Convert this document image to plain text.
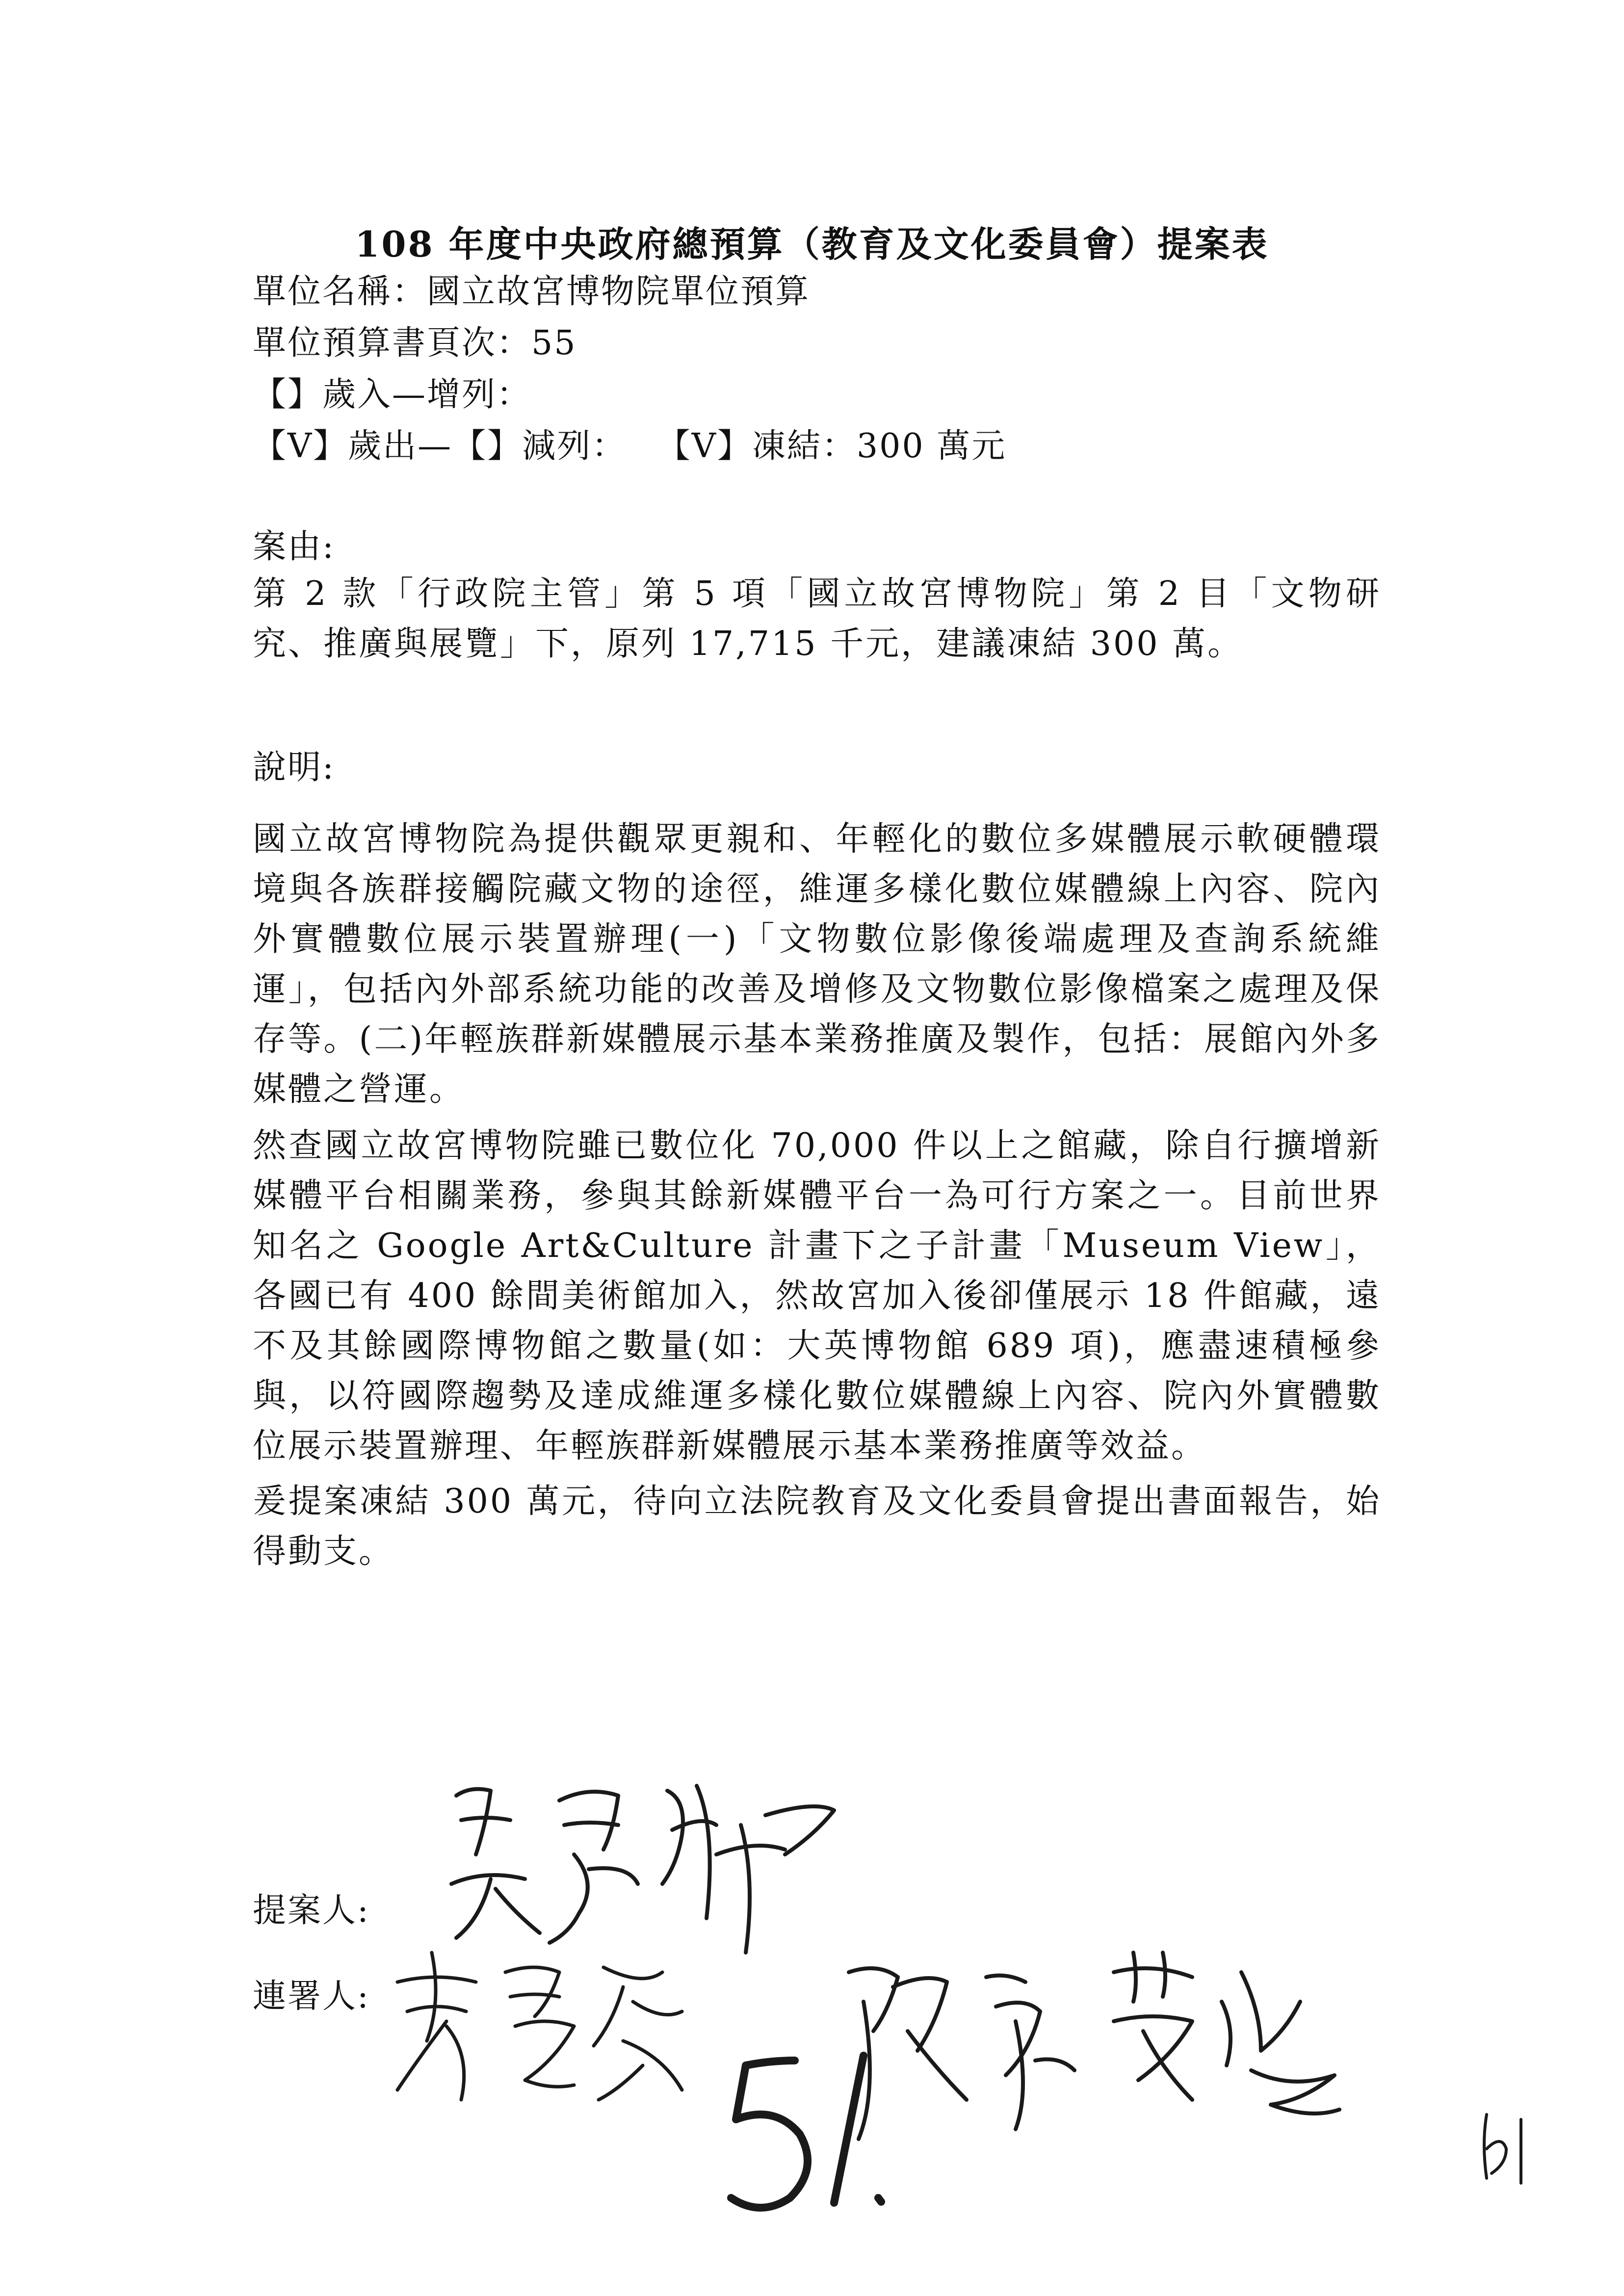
108 年度中央政府總預算（教育及文化委員會）提案表
單位名稱：國立故宮博物院單位預算
單位預算書頁次：55
【】歲入—增列：
【V】歲出—【】減列：　 【V】凍結：300 萬元
案由:
第 2 款「行政院主管」第 5 項「國立故宮博物院」第 2 目「文物研究、推廣與展覽」下，原列 17,715 千元，建議凍結 300 萬。
說明:
國立故宮博物院為提供觀眾更親和、年輕化的數位多媒體展示軟硬體環境與各族群接觸院藏文物的途徑，維運多樣化數位媒體線上內容、院內外實體數位展示裝置辦理(一)「文物數位影像後端處理及查詢系統維運」，包括內外部系統功能的改善及增修及文物數位影像檔案之處理及保存等。(二)年輕族群新媒體展示基本業務推廣及製作，包括：展館內外多媒體之營運。
然查國立故宮博物院雖已數位化 70,000 件以上之館藏，除自行擴增新媒體平台相關業務，參與其餘新媒體平台一為可行方案之一。目前世界知名之 Google Art&Culture 計畫下之子計畫「Museum View」，各國已有 400 餘間美術館加入，然故宮加入後卻僅展示 18 件館藏，遠不及其餘國際博物館之數量(如：大英博物館 689 項)，應盡速積極參與，以符國際趨勢及達成維運多樣化數位媒體線上內容、院內外實體數位展示裝置辦理、年輕族群新媒體展示基本業務推廣等效益。
爰提案凍結 300 萬元，待向立法院教育及文化委員會提出書面報告，始得動支。
提案人:
連署人:
51
